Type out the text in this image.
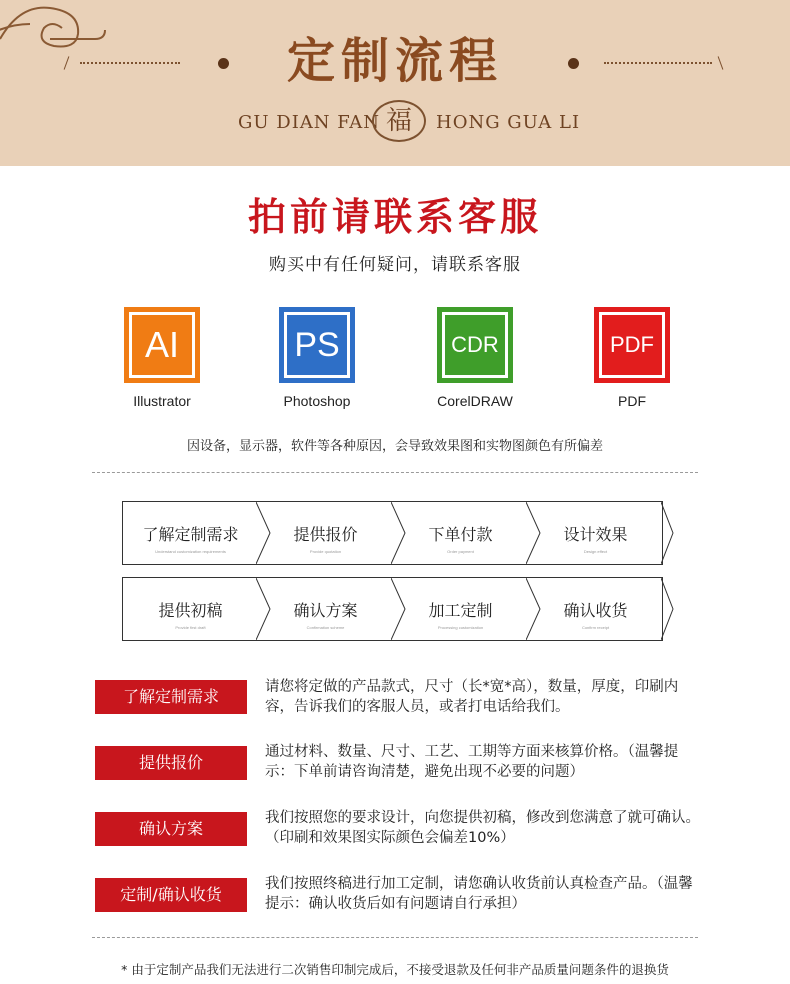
定制流程
GU DIAN FAN 福	HONG GUA LI
拍前请联系客服
购买中有任何疑问，请联系客服
AI
Illustrator
PS
Photoshop
CDR
CorelDRAW
PDF
PDF
因设备，显示器，软件等各种原因，会导致效果图和实物图颜色有所偏差
了解定制需求
Understand customization requirements
提供报价
Provide quotation
下单付款
Order payment
设计效果
Design effect
提供初稿
Provide first draft
确认方案
Confirmation scheme
加工定制
Processing customization
确认收货
Confirm receipt
了解定制需求	请您将定做的产品款式，尺寸（长*宽*高），数量，厚度，印刷内容，告诉我们的客服人员，或者打电话给我们。
提供报价
通过材料、数量、尺寸、工艺、工期等方面来核算价格。（温馨提示：下单前请咨询清楚，避免出现不必要的问题）
确认方案
我们按照您的要求设计，向您提供初稿，修改到您满意了就可确认。（印刷和效果图实际颜色会偏差10%）
定制/确认收货
我们按照终稿进行加工定制，请您确认收货前认真检查产品。（温馨提示：确认收货后如有问题请自行承担）
* 由于定制产品我们无法进行二次销售印制完成后，不接受退款及任何非产品质量问题条件的退换货
